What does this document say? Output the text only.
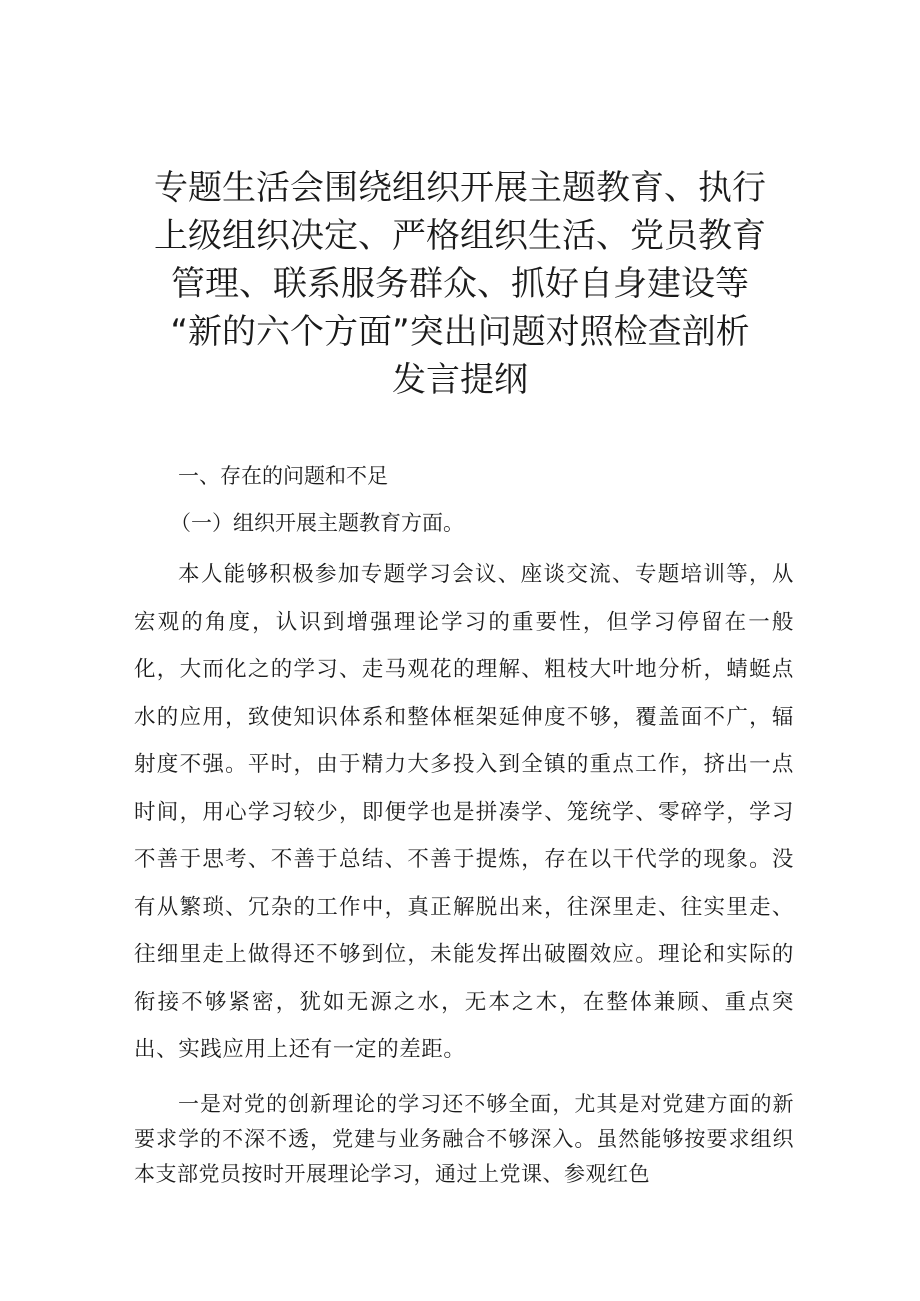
专题生活会围绕组织开展主题教育、执行
上级组织决定、严格组织生活、党员教育
管理、联系服务群众、抓好自身建设等
“新的六个方面”突出问题对照检查剖析
发言提纲

一、存在的问题和不足

（一）组织开展主题教育方面。

本人能够积极参加专题学习会议、座谈交流、专题培训等，从宏观的角度，认识到增强理论学习的重要性，但学习停留在一般化，大而化之的学习、走马观花的理解、粗枝大叶地分析，蜻蜓点水的应用，致使知识体系和整体框架延伸度不够，覆盖面不广，辐射度不强。平时，由于精力大多投入到全镇的重点工作，挤出一点时间，用心学习较少，即便学也是拼凑学、笼统学、零碎学，学习不善于思考、不善于总结、不善于提炼，存在以干代学的现象。没有从繁琐、冗杂的工作中，真正解脱出来，往深里走、往实里走、往细里走上做得还不够到位，未能发挥出破圈效应。理论和实际的衔接不够紧密，犹如无源之水，无本之木，在整体兼顾、重点突出、实践应用上还有一定的差距。

一是对党的创新理论的学习还不够全面，尤其是对党建方面的新要求学的不深不透，党建与业务融合不够深入。虽然能够按要求组织本支部党员按时开展理论学习，通过上党课、参观红色
